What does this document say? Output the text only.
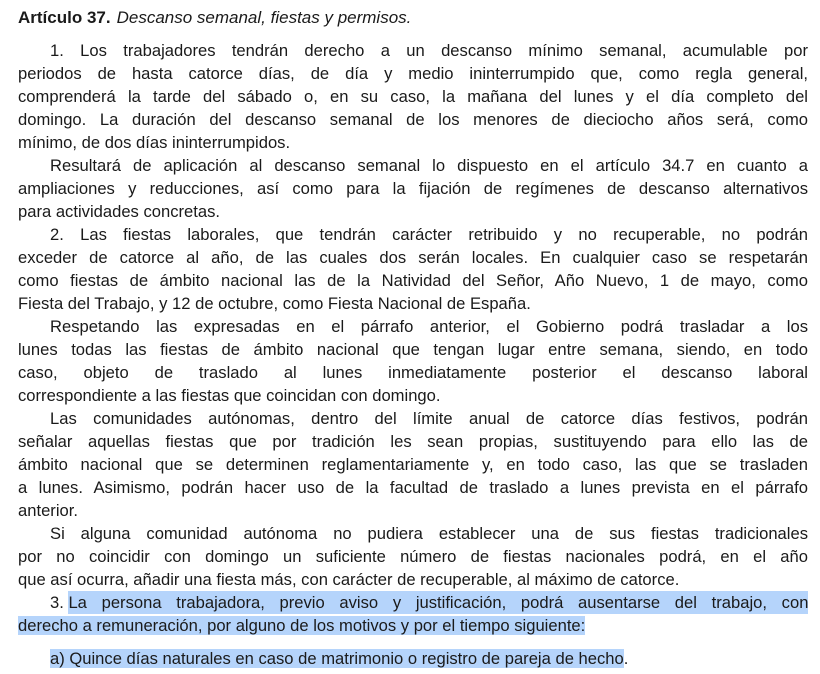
Artículo 37. Descanso semanal, fiestas y permisos.
1. Los trabajadores tendrán derecho a un descanso mínimo semanal, acumulable por
periodos de hasta catorce días, de día y medio ininterrumpido que, como regla general,
comprenderá la tarde del sábado o, en su caso, la mañana del lunes y el día completo del
domingo. La duración del descanso semanal de los menores de dieciocho años será, como
mínimo, de dos días ininterrumpidos.
Resultará de aplicación al descanso semanal lo dispuesto en el artículo 34.7 en cuanto a
ampliaciones y reducciones, así como para la fijación de regímenes de descanso alternativos
para actividades concretas.
2. Las fiestas laborales, que tendrán carácter retribuido y no recuperable, no podrán
exceder de catorce al año, de las cuales dos serán locales. En cualquier caso se respetarán
como fiestas de ámbito nacional las de la Natividad del Señor, Año Nuevo, 1 de mayo, como
Fiesta del Trabajo, y 12 de octubre, como Fiesta Nacional de España.
Respetando las expresadas en el párrafo anterior, el Gobierno podrá trasladar a los
lunes todas las fiestas de ámbito nacional que tengan lugar entre semana, siendo, en todo
caso, objeto de traslado al lunes inmediatamente posterior el descanso laboral
correspondiente a las fiestas que coincidan con domingo.
Las comunidades autónomas, dentro del límite anual de catorce días festivos, podrán
señalar aquellas fiestas que por tradición les sean propias, sustituyendo para ello las de
ámbito nacional que se determinen reglamentariamente y, en todo caso, las que se trasladen
a lunes. Asimismo, podrán hacer uso de la facultad de traslado a lunes prevista en el párrafo
anterior.
Si alguna comunidad autónoma no pudiera establecer una de sus fiestas tradicionales
por no coincidir con domingo un suficiente número de fiestas nacionales podrá, en el año
que así ocurra, añadir una fiesta más, con carácter de recuperable, al máximo de catorce.
3. La persona trabajadora, previo aviso y justificación, podrá ausentarse del trabajo, con
derecho a remuneración, por alguno de los motivos y por el tiempo siguiente:
a) Quince días naturales en caso de matrimonio o registro de pareja de hecho.
